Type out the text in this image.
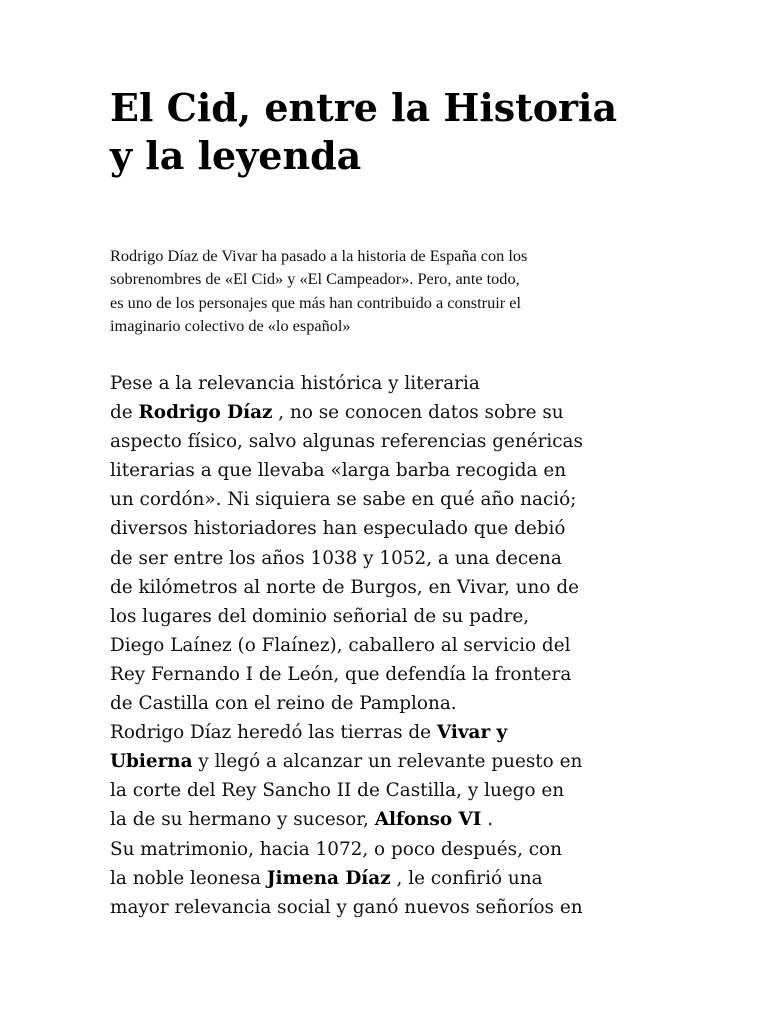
El Cid, entre la Historia
y la leyenda

Rodrigo Díaz de Vivar ha pasado a la historia de España con los
sobrenombres de «El Cid» y «El Campeador». Pero, ante todo,
es uno de los personajes que más han contribuido a construir el
imaginario colectivo de «lo español»

Pese a la relevancia histórica y literaria
de Rodrigo Díaz , no se conocen datos sobre su
aspecto físico, salvo algunas referencias genéricas
literarias a que llevaba «larga barba recogida en
un cordón». Ni siquiera se sabe en qué año nació;
diversos historiadores han especulado que debió
de ser entre los años 1038 y 1052, a una decena
de kilómetros al norte de Burgos, en Vivar, uno de
los lugares del dominio señorial de su padre,
Diego Laínez (o Flaínez), caballero al servicio del
Rey Fernando I de León, que defendía la frontera
de Castilla con el reino de Pamplona.
Rodrigo Díaz heredó las tierras de Vivar y
Ubierna y llegó a alcanzar un relevante puesto en
la corte del Rey Sancho II de Castilla, y luego en
la de su hermano y sucesor, Alfonso VI .
Su matrimonio, hacia 1072, o poco después, con
la noble leonesa Jimena Díaz , le confirió una
mayor relevancia social y ganó nuevos señoríos en
